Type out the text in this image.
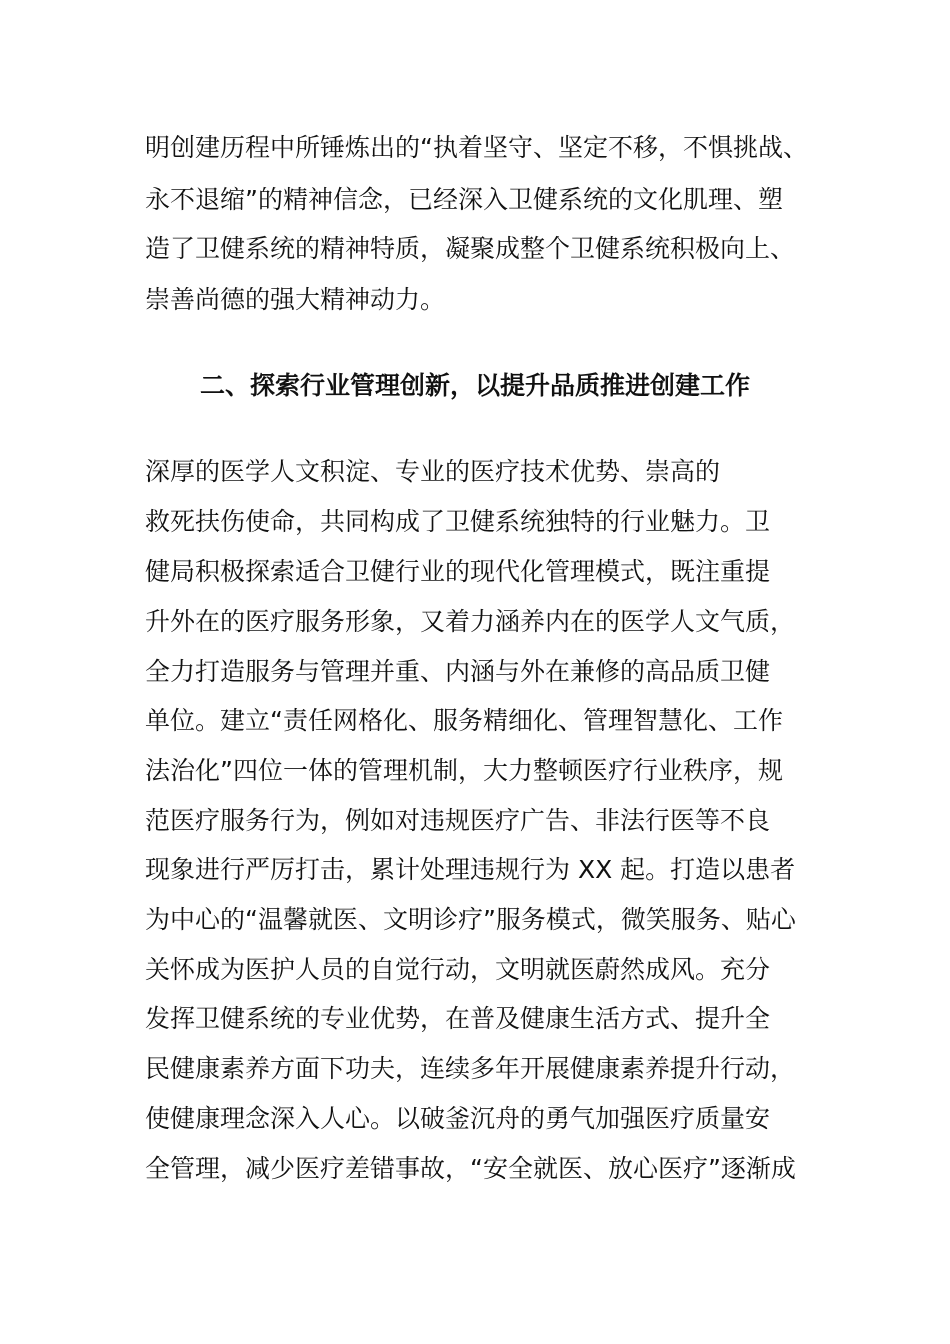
明创建历程中所锤炼出的“执着坚守、坚定不移，不惧挑战、
永不退缩”的精神信念，已经深入卫健系统的文化肌理、塑
造了卫健系统的精神特质，凝聚成整个卫健系统积极向上、
崇善尚德的强大精神动力。
二、探索行业管理创新，以提升品质推进创建工作
深厚的医学人文积淀、专业的医疗技术优势、崇高的
救死扶伤使命，共同构成了卫健系统独特的行业魅力。卫
健局积极探索适合卫健行业的现代化管理模式，既注重提
升外在的医疗服务形象，又着力涵养内在的医学人文气质，
全力打造服务与管理并重、内涵与外在兼修的高品质卫健
单位。建立“责任网格化、服务精细化、管理智慧化、工作
法治化”四位一体的管理机制，大力整顿医疗行业秩序，规
范医疗服务行为，例如对违规医疗广告、非法行医等不良
现象进行严厉打击，累计处理违规行为 XX 起。打造以患者
为中心的“温馨就医、文明诊疗”服务模式，微笑服务、贴心
关怀成为医护人员的自觉行动，文明就医蔚然成风。充分
发挥卫健系统的专业优势，在普及健康生活方式、提升全
民健康素养方面下功夫，连续多年开展健康素养提升行动，
使健康理念深入人心。以破釜沉舟的勇气加强医疗质量安
全管理，减少医疗差错事故，“安全就医、放心医疗”逐渐成
